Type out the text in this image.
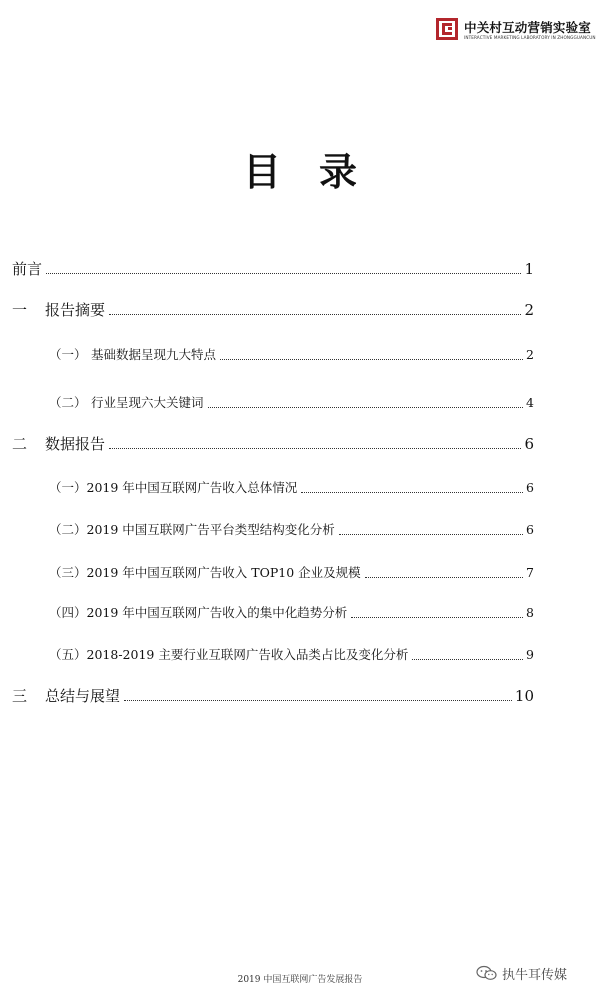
中关村互动营销实验室
INTERACTIVE MARKETING LABORATORY IN ZHONGGUANCUN
目录
前言	1
一	报告摘要	2
（一） 基础数据呈现九大特点	2
（二） 行业呈现六大关键词	4
二	数据报告	6
（一） 2019 年中国互联网广告收入总体情况	6
（二） 2019 中国互联网广告平台类型结构变化分析	6
（三） 2019 年中国互联网广告收入 TOP10 企业及规模	7
（四） 2019 年中国互联网广告收入的集中化趋势分析	8
（五） 2018-2019 主要行业互联网广告收入品类占比及变化分析	9
三	总结与展望	10
2019 中国互联网广告发展报告	执牛耳传媒
